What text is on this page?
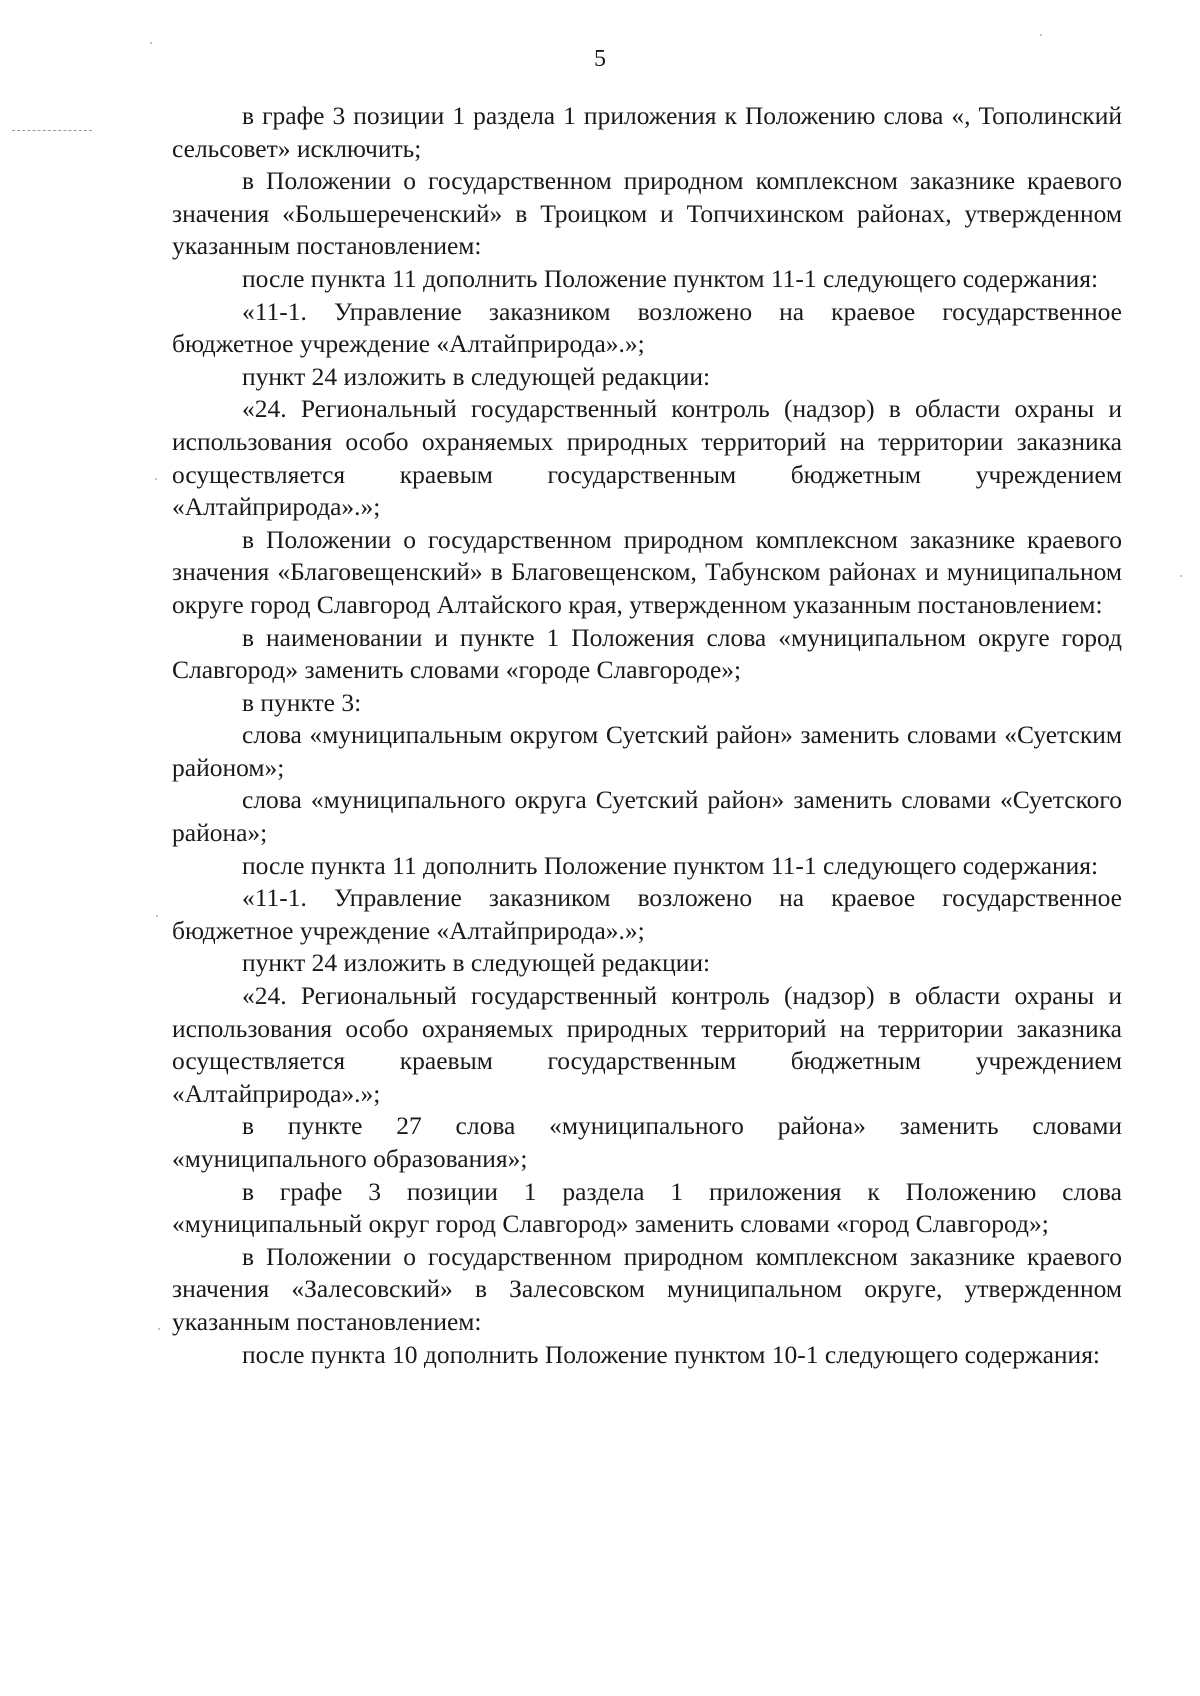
5

в графе 3 позиции 1 раздела 1 приложения к Положению слова «, Тополинский сельсовет» исключить;

в Положении о государственном природном комплексном заказнике краевого значения «Большереченский» в Троицком и Топчихинском районах, утвержденном указанным постановлением:

после пункта 11 дополнить Положение пунктом 11-1 следующего содержания:

«11-1. Управление заказником возложено на краевое государственное бюджетное учреждение «Алтайприрода».»;

пункт 24 изложить в следующей редакции:

«24. Региональный государственный контроль (надзор) в области охраны и использования особо охраняемых природных территорий на территории заказника осуществляется краевым государственным бюджетным учреждением «Алтайприрода».»;

в Положении о государственном природном комплексном заказнике краевого значения «Благовещенский» в Благовещенском, Табунском районах и муниципальном округе город Славгород Алтайского края, утвержденном указанным постановлением:

в наименовании и пункте 1 Положения слова «муниципальном округе город Славгород» заменить словами «городе Славгороде»;

в пункте 3:

слова «муниципальным округом Суетский район» заменить словами «Суетским районом»;

слова «муниципального округа Суетский район» заменить словами «Суетского района»;

после пункта 11 дополнить Положение пунктом 11-1 следующего содержания:

«11-1. Управление заказником возложено на краевое государственное бюджетное учреждение «Алтайприрода».»;

пункт 24 изложить в следующей редакции:

«24. Региональный государственный контроль (надзор) в области охраны и использования особо охраняемых природных территорий на территории заказника осуществляется краевым государственным бюджетным учреждением «Алтайприрода».»;

в пункте 27 слова «муниципального района» заменить словами «муниципального образования»;

в графе 3 позиции 1 раздела 1 приложения к Положению слова «муниципальный округ город Славгород» заменить словами «город Славгород»;

в Положении о государственном природном комплексном заказнике краевого значения «Залесовский» в Залесовском муниципальном округе, утвержденном указанным постановлением:

после пункта 10 дополнить Положение пунктом 10-1 следующего содержания:
